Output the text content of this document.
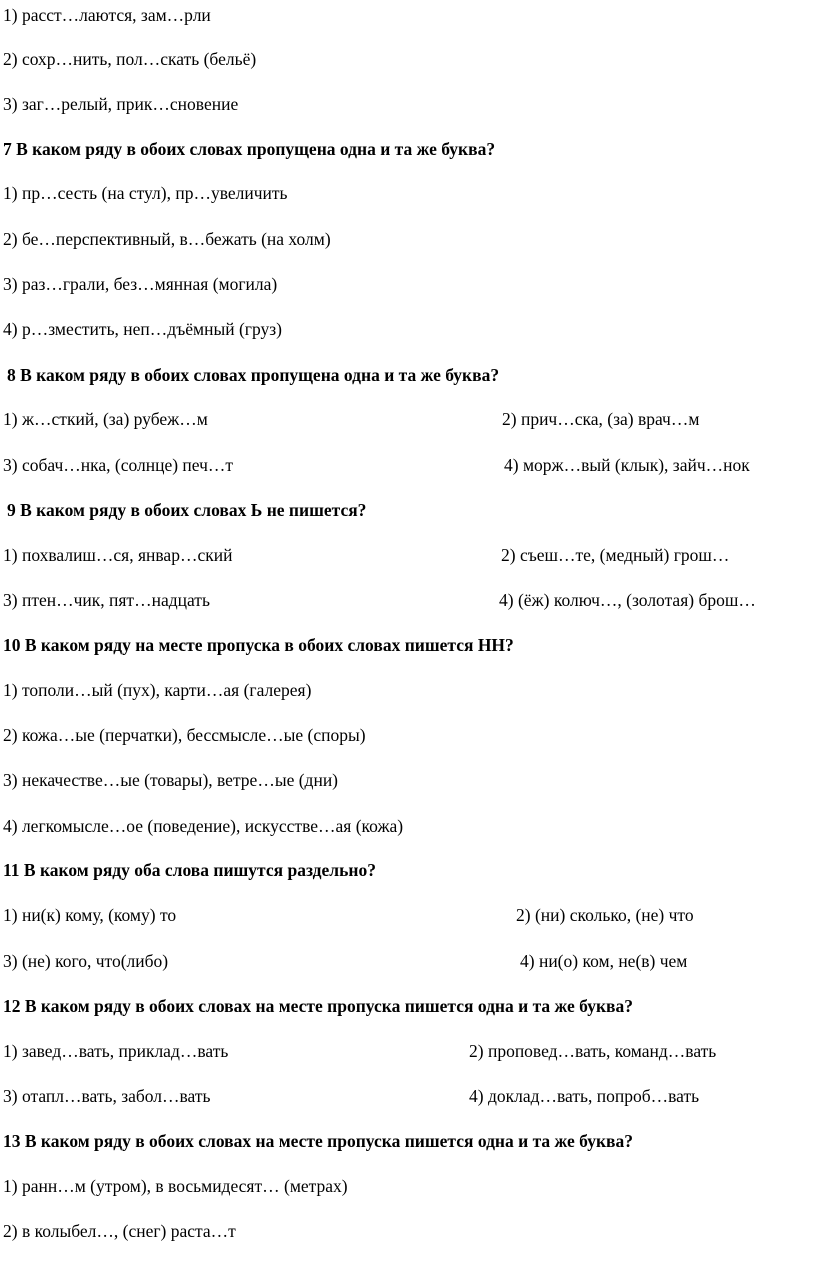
1) расст…лаются, зам…рли
2) сохр…нить, пол…скать (бельё)
3) заг…релый, прик…сновение
7 В каком ряду в обоих словах пропущена одна и та же буква?
1) пр…сесть (на стул), пр…увеличить
2) бе…перспективный, в…бежать (на холм)
3) раз…грали, без…мянная (могила)
4) р…зместить, неп…дъёмный (груз)
8 В каком ряду в обоих словах пропущена одна и та же буква?
1) ж…сткий, (за) рубеж…м	2) прич…ска, (за) врач…м
3) собач…нка, (солнце) печ…т	4) морж…вый (клык), зайч…нок
9 В каком ряду в обоих словах Ь не пишется?
1) похвалиш…ся, январ…ский	2) съеш…те, (медный) грош…
3) птен…чик, пят…надцать	4) (ёж) колюч…, (золотая) брош…
10 В каком ряду на месте пропуска в обоих словах пишется НН?
1) тополи…ый (пух), карти…ая (галерея)
2) кожа…ые (перчатки), бессмысле…ые (споры)
3) некачестве…ые (товары), ветре…ые (дни)
4) легкомысле…ое (поведение), искусстве…ая (кожа)
11 В каком ряду оба слова пишутся раздельно?
1) ни(к) кому, (кому) то	2) (ни) сколько, (не) что
3) (не) кого, что(либо)	4) ни(о) ком, не(в) чем
12 В каком ряду в обоих словах на месте пропуска пишется одна и та же буква?
1) завед…вать, приклад…вать	2) проповед…вать, команд…вать
3) отапл…вать, забол…вать	4) доклад…вать, попроб…вать
13 В каком ряду в обоих словах на месте пропуска пишется одна и та же буква?
1) ранн…м (утром), в восьмидесят… (метрах)
2) в колыбел…, (снег) раста…т
